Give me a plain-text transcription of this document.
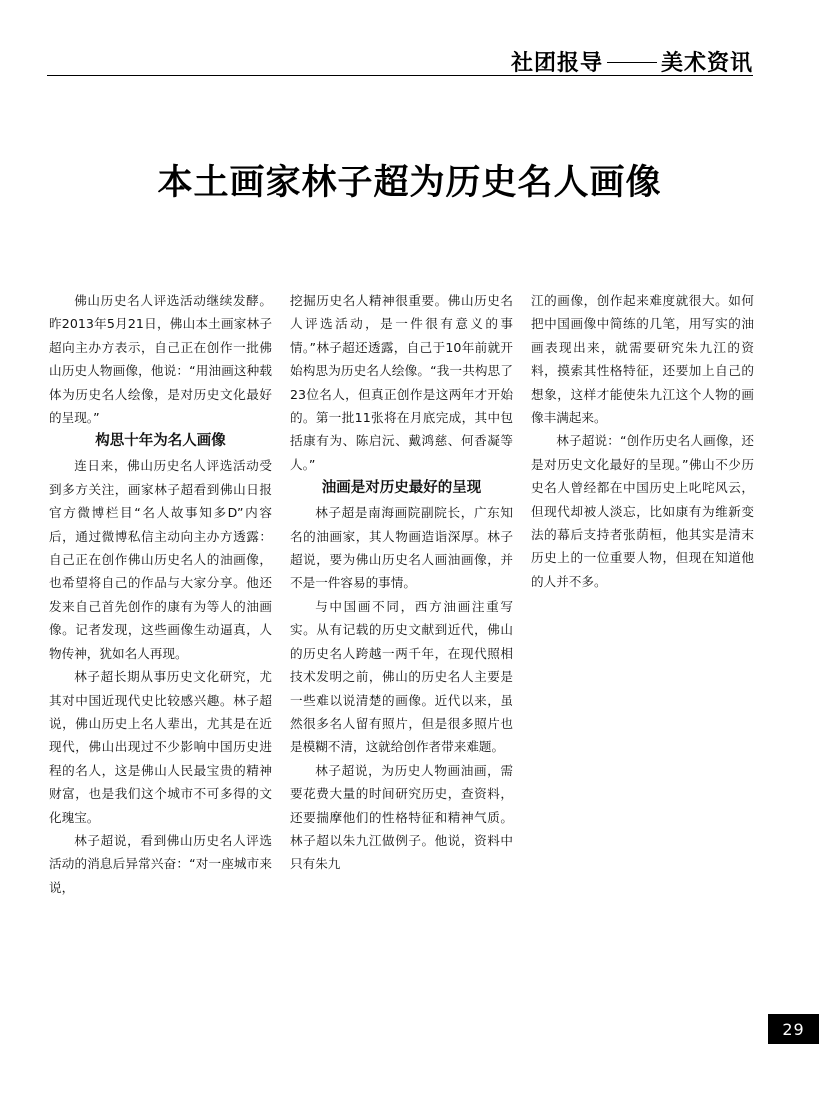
社团报导	美术资讯
本土画家林子超为历史名人画像

佛山历史名人评选活动继续发酵。昨2013年5月21日，佛山本土画家林子超向主办方表示，自己正在创作一批佛山历史人物画像，他说：“用油画这种载体为历史名人绘像，是对历史文化最好的呈现。”

构思十年为名人画像

连日来，佛山历史名人评选活动受到多方关注，画家林子超看到佛山日报官方微博栏目“名人故事知多D”内容后，通过微博私信主动向主办方透露：自己正在创作佛山历史名人的油画像，也希望将自己的作品与大家分享。他还发来自己首先创作的康有为等人的油画像。记者发现，这些画像生动逼真，人物传神，犹如名人再现。

林子超长期从事历史文化研究，尤其对中国近现代史比较感兴趣。林子超说，佛山历史上名人辈出，尤其是在近现代，佛山出现过不少影响中国历史进程的名人，这是佛山人民最宝贵的精神财富，也是我们这个城市不可多得的文化瑰宝。

林子超说，看到佛山历史名人评选活动的消息后异常兴奋：“对一座城市来说，

挖掘历史名人精神很重要。佛山历史名人评选活动，是一件很有意义的事情。”林子超还透露，自己于10年前就开始构思为历史名人绘像。“我一共构思了23位名人，但真正创作是这两年才开始的。第一批11张将在月底完成，其中包括康有为、陈启沅、戴鸿慈、何香凝等人。”

油画是对历史最好的呈现

林子超是南海画院副院长，广东知名的油画家，其人物画造诣深厚。林子超说，要为佛山历史名人画油画像，并不是一件容易的事情。

与中国画不同，西方油画注重写实。从有记载的历史文献到近代，佛山的历史名人跨越一两千年，在现代照相技术发明之前，佛山的历史名人主要是一些难以说清楚的画像。近代以来，虽然很多名人留有照片，但是很多照片也是模糊不清，这就给创作者带来难题。

林子超说，为历史人物画油画，需要花费大量的时间研究历史，查资料，还要揣摩他们的性格特征和精神气质。林子超以朱九江做例子。他说，资料中只有朱九

江的画像，创作起来难度就很大。如何把中国画像中简练的几笔，用写实的油画表现出来，就需要研究朱九江的资料，摸索其性格特征，还要加上自己的想象，这样才能使朱九江这个人物的画像丰满起来。

林子超说：“创作历史名人画像，还是对历史文化最好的呈现。”佛山不少历史名人曾经都在中国历史上叱咤风云，但现代却被人淡忘，比如康有为维新变法的幕后支持者张荫桓，他其实是清末历史上的一位重要人物，但现在知道他的人并不多。

29
